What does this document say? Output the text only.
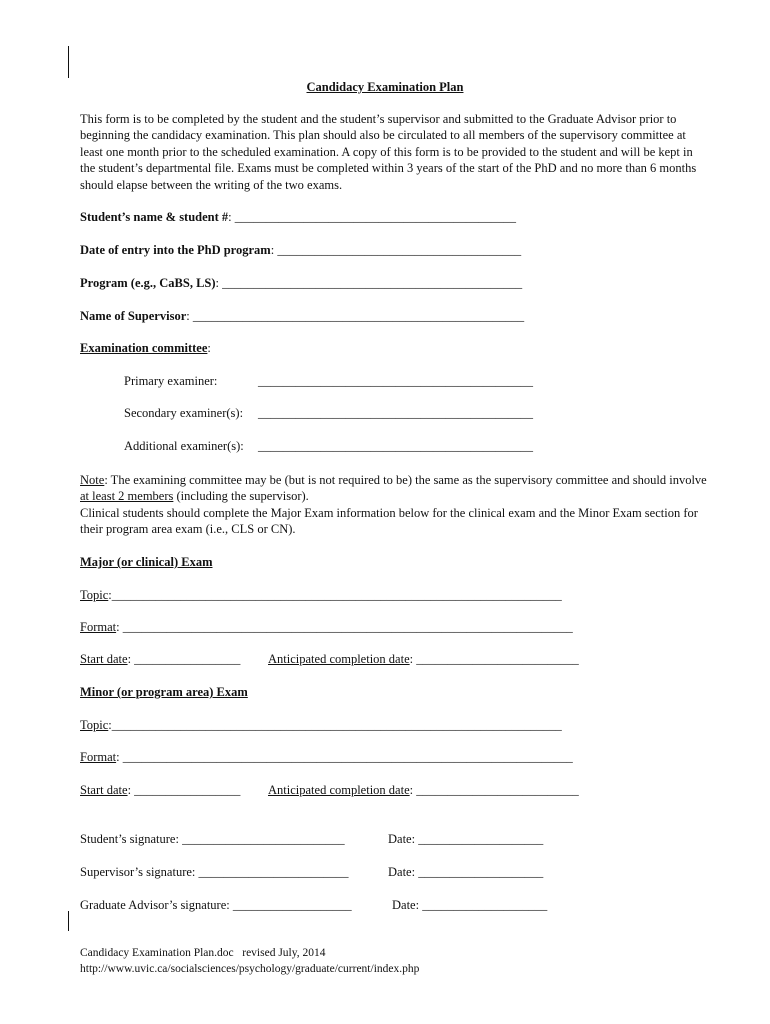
Candidacy Examination Plan
This form is to be completed by the student and the student’s supervisor and submitted to the Graduate Advisor prior to beginning the candidacy examination. This plan should also be circulated to all members of the supervisory committee at least one month prior to the scheduled examination. A copy of this form is to be provided to the student and will be kept in the student’s departmental file. Exams must be completed within 3 years of the start of the PhD and no more than 6 months should elapse between the writing of the two exams.
Student’s name & student #: _____________________________________________
Date of entry into the PhD program: _______________________________________
Program (e.g., CaBS, LS): ________________________________________________
Name of Supervisor: _____________________________________________________
Examination committee:
Primary examiner:	____________________________________________
Secondary examiner(s): ____________________________________________
Additional examiner(s): ____________________________________________
Note: The examining committee may be (but is not required to be) the same as the supervisory committee and should involve at least 2 members (including the supervisor).
Clinical students should complete the Major Exam information below for the clinical exam and the Minor Exam section for their program area exam (i.e., CLS or CN).
Major (or clinical) Exam
Topic:________________________________________________________________________
Format: ________________________________________________________________________
Start date: _________________ Anticipated completion date: __________________________
Minor (or program area) Exam
Topic:________________________________________________________________________
Format: ________________________________________________________________________
Start date: _________________ Anticipated completion date: __________________________
Student’s signature: __________________________	Date: ____________________
Supervisor’s signature: ________________________	Date: ____________________
Graduate Advisor’s signature: ___________________	Date: ____________________
Candidacy Examination Plan.doc   revised July, 2014
http://www.uvic.ca/socialsciences/psychology/graduate/current/index.php
